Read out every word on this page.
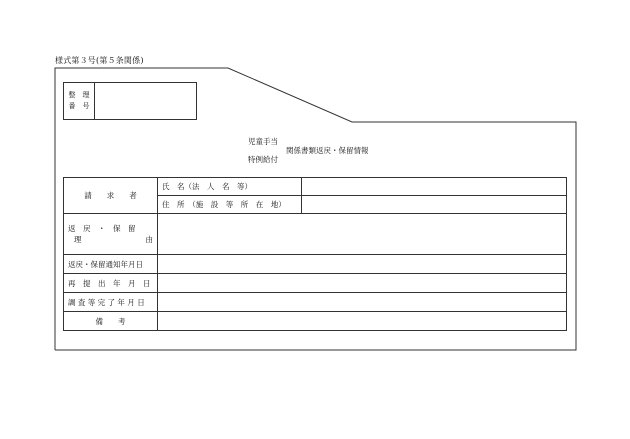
様式第３号(第５条関係)
整　理
番　号
児童手当
関係書類返戻・保留情報
特例給付
請　　求　　者	氏　名（法　人　名　等）	
	住　所　（施　設　等　所　在　地）	

返　戻　・　保　留
理 由		

返戻・保留通知年月日		
再　提　出　年　月　日		
調 査 等 完 了 年 月 日		
備　　考		
